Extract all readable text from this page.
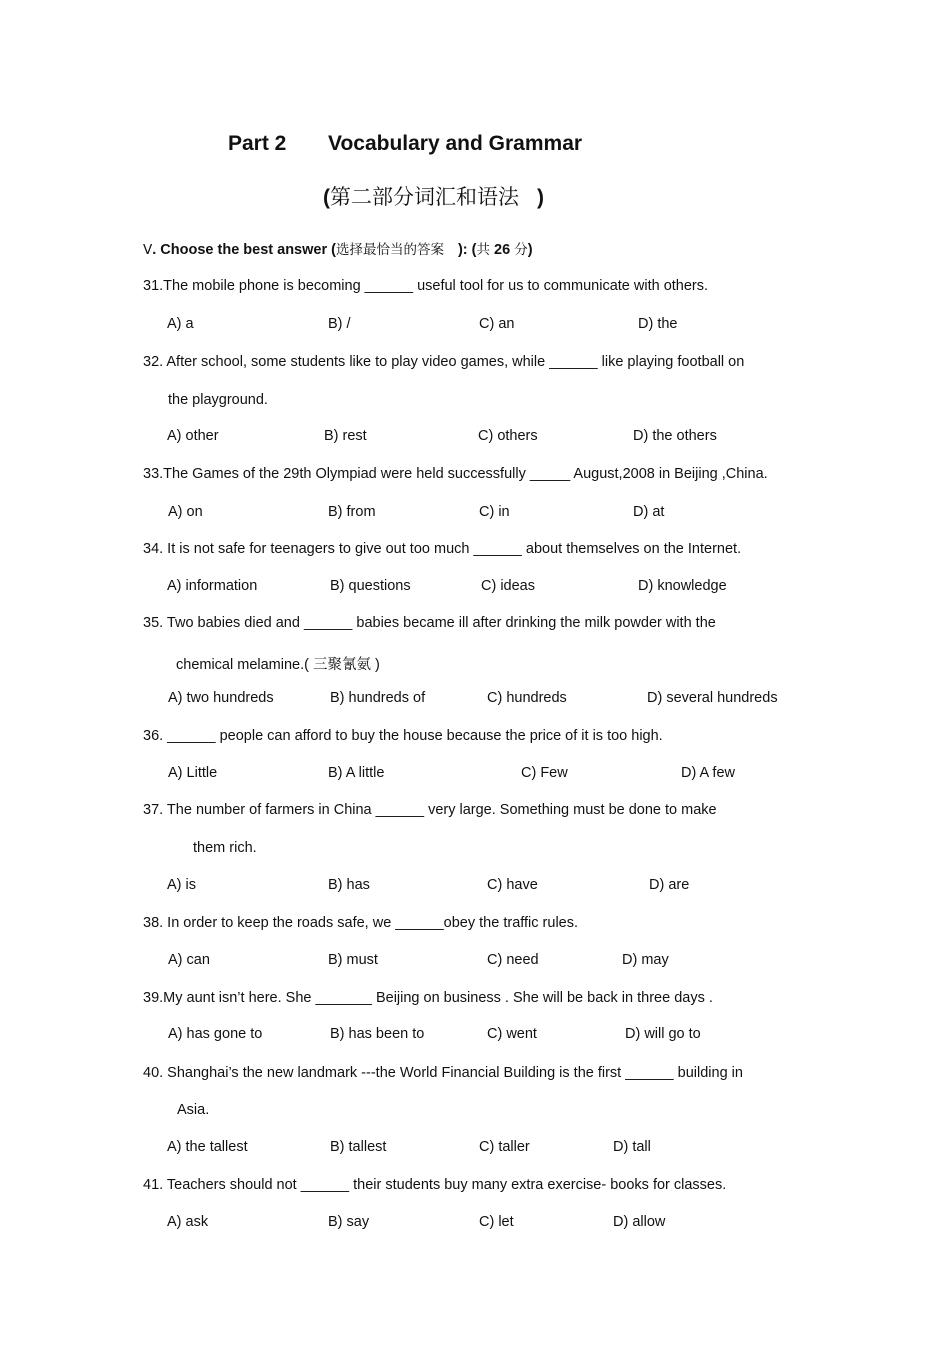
Part 2 Vocabulary and Grammar
(第二部分词汇和语法 )
Ⅴ. Choose the best answer (选择最恰当的答案 ): (共 26 分)
31.The mobile phone is becoming ______ useful tool for us to communicate with others.
A) a	B) /	C) an	D) the
32. After school, some students like to play video games, while ______ like playing football on
the playground.
A) other	B) rest	C) others	D) the others
33.The Games of the 29th Olympiad were held successfully _____ August,2008 in Beijing ,China.
A) on	B) from	C) in	D) at
34. It is not safe for teenagers to give out too much ______ about themselves on the Internet.
A) information	B) questions	C) ideas	D) knowledge
35. Two babies died and ______ babies became ill after drinking the milk powder with the
chemical melamine.( 三聚氰氨 )
A) two hundreds	B) hundreds of	C) hundreds	D) several hundreds
36. ______ people can afford to buy the house because the price of it is too high.
A) Little	B) A little	C) Few	D) A few
37. The number of farmers in China ______ very large. Something must be done to make
them rich.
A) is	B) has	C) have	D) are
38. In order to keep the roads safe, we ______obey the traffic rules.
A) can	B) must	C) need	D) may
39.My aunt isn’t here. She _______ Beijing on business . She will be back in three days .
A) has gone to	B) has been to	C) went	D) will go to
40. Shanghai’s the new landmark ---the World Financial Building is the first ______ building in
Asia.
A) the tallest	B) tallest	C) taller	D) tall
41. Teachers should not ______ their students buy many extra exercise- books for classes.
A) ask	B) say	C) let	D) allow
